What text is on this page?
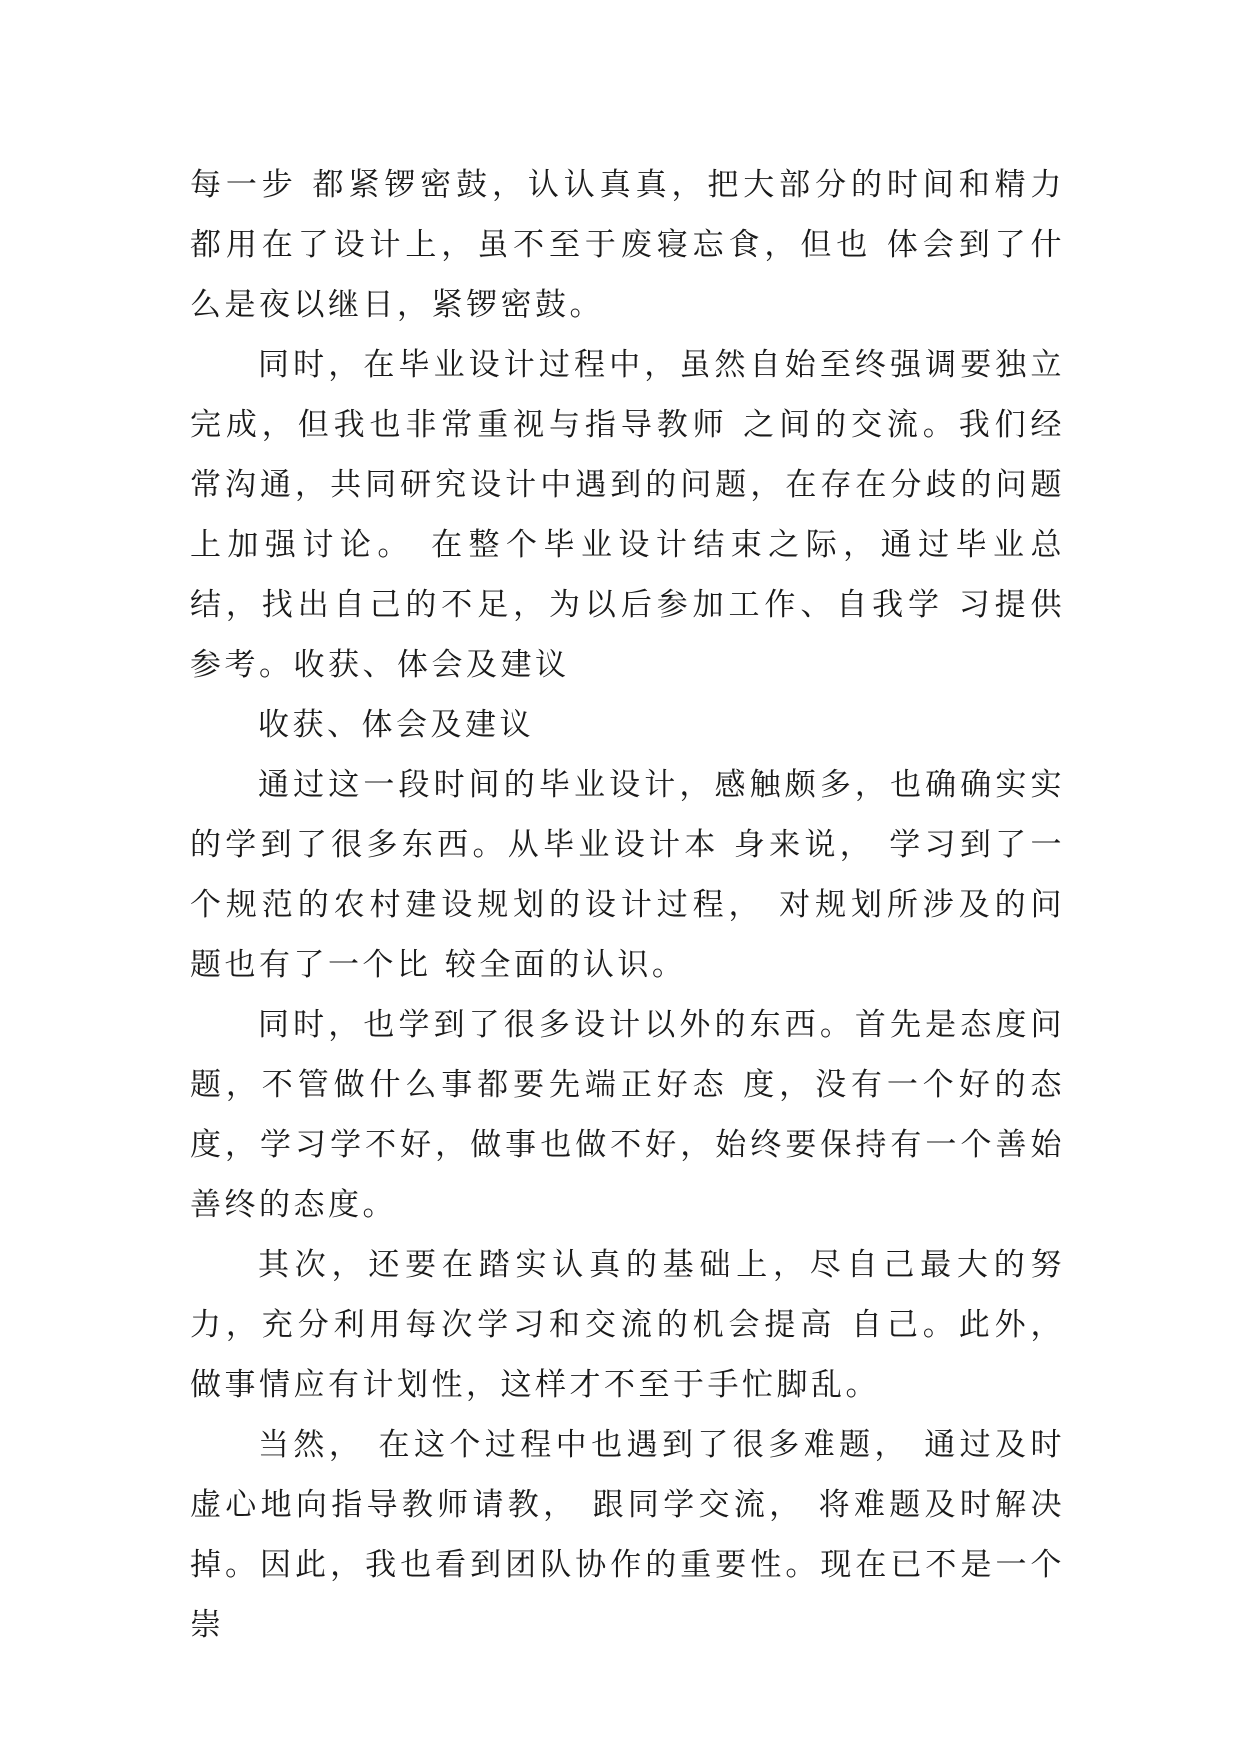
每一步 都紧锣密鼓，认认真真，把大部分的时间和精力都用在了设计上，虽不至于废寝忘食，但也 体会到了什么是夜以继日，紧锣密鼓。

同时，在毕业设计过程中，虽然自始至终强调要独立完成，但我也非常重视与指导教师 之间的交流。我们经常沟通，共同研究设计中遇到的问题，在存在分歧的问题上加强讨论。 在整个毕业设计结束之际，通过毕业总结，找出自己的不足，为以后参加工作、自我学 习提供参考。收获、体会及建议

收获、体会及建议

通过这一段时间的毕业设计，感触颇多，也确确实实的学到了很多东西。从毕业设计本 身来说， 学习到了一个规范的农村建设规划的设计过程， 对规划所涉及的问题也有了一个比 较全面的认识。

同时，也学到了很多设计以外的东西。首先是态度问题，不管做什么事都要先端正好态 度，没有一个好的态度，学习学不好，做事也做不好，始终要保持有一个善始善终的态度。

其次，还要在踏实认真的基础上，尽自己最大的努力，充分利用每次学习和交流的机会提高 自己。此外，做事情应有计划性，这样才不至于手忙脚乱。

当然， 在这个过程中也遇到了很多难题， 通过及时虚心地向指导教师请教， 跟同学交流， 将难题及时解决掉。因此，我也看到团队协作的重要性。现在已不是一个崇
